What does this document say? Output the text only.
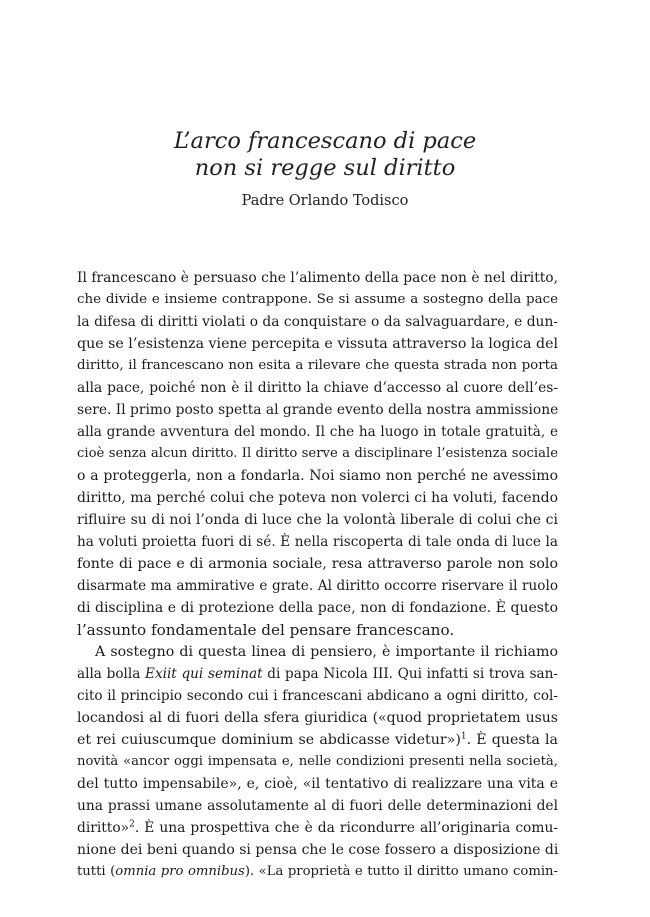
L’arco francescano di pace
non si regge sul diritto
Padre Orlando Todisco
Il francescano è persuaso che l’alimento della pace non è nel diritto,
che divide e insieme contrappone. Se si assume a sostegno della pace
la difesa di diritti violati o da conquistare o da salvaguardare, e dun-
que se l’esistenza viene percepita e vissuta attraverso la logica del
diritto, il francescano non esita a rilevare che questa strada non porta
alla pace, poiché non è il diritto la chiave d’accesso al cuore dell’es-
sere. Il primo posto spetta al grande evento della nostra ammissione
alla grande avventura del mondo. Il che ha luogo in totale gratuità, e
cioè senza alcun diritto. Il diritto serve a disciplinare l’esistenza sociale
o a proteggerla, non a fondarla. Noi siamo non perché ne avessimo
diritto, ma perché colui che poteva non volerci ci ha voluti, facendo
rifluire su di noi l’onda di luce che la volontà liberale di colui che ci
ha voluti proietta fuori di sé. È nella riscoperta di tale onda di luce la
fonte di pace e di armonia sociale, resa attraverso parole non solo
disarmate ma ammirative e grate. Al diritto occorre riservare il ruolo
di disciplina e di protezione della pace, non di fondazione. È questo
l’assunto fondamentale del pensare francescano.
A sostegno di questa linea di pensiero, è importante il richiamo
alla bolla Exiit qui seminat di papa Nicola III. Qui infatti si trova san-
cito il principio secondo cui i francescani abdicano a ogni diritto, col-
locandosi al di fuori della sfera giuridica («quod proprietatem usus
et rei cuiuscumque dominium se abdicasse videtur»)$^1$. È questa la
novità «ancor oggi impensata e, nelle condizioni presenti nella società,
del tutto impensabile», e, cioè, «il tentativo di realizzare una vita e
una prassi umane assolutamente al di fuori delle determinazioni del
diritto»$^2$. È una prospettiva che è da ricondurre all’originaria comu-
nione dei beni quando si pensa che le cose fossero a disposizione di
tutti (omnia pro omnibus). «La proprietà e tutto il diritto umano comin-
